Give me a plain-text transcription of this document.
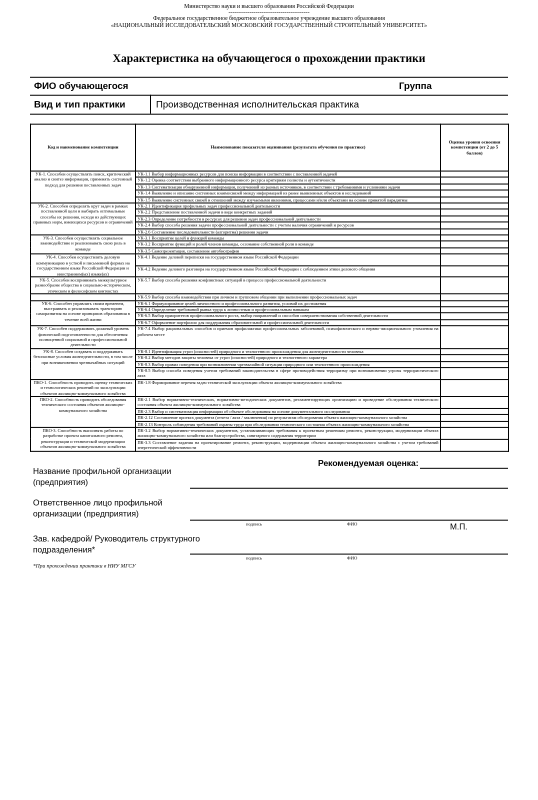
Министерство науки и высшего образования Российской Федерации
------------------------------------------
Федеральное государственное бюджетное образовательное учреждение высшего образования
«НАЦИОНАЛЬНЫЙ ИССЛЕДОВАТЕЛЬСКИЙ МОСКОВСКИЙ ГОСУДАРСТВЕННЫЙ СТРОИТЕЛЬНЫЙ УНИВЕРСИТЕТ»
Характеристика на обучающегося о прохождении практики
ФИО обучающегося	Группа
Вид и тип практики	Производственная исполнительская практика
Код и наименование компетенции	Наименование показателя оценивания (результата обучения по практике)	Оценка уровня освоения компетенции (от 2 до 5 баллов)
УК-1. Способен осуществлять поиск, критический анализ и синтез информации, применять системный подход для решения поставленных задач	УК-1.1 Выбор информационных ресурсов для поиска информации в соответствии с поставленной задачей	
	УК-1.2 Оценка соответствия выбранного информационного ресурса критериям полноты и аутентичности	
	УК-1.3 Систематизация обнаруженной информации, полученной из разных источников, в соответствии с требованиями и условиями задачи	
	УК-1.4 Выявление и описание системных взаимосвязей между информацией из ранее выявленных объектов и исследований	
	УК-1.5 Выявление системных связей и отношений между изучаемыми явлениями, процессами и/или объектами на основе принятой парадигмы	
УК-2. Способен определять круг задач в рамках поставленной цели и выбирать оптимальные способы их решения, исходя из действующих правовых норм, имеющихся ресурсов и ограничений	УК-2.1 Идентификация профильных задач профессиональной деятельности	
	УК-2.2 Представление поставленной задачи в виде конкретных заданий	
	УК-2.3 Определение потребности в ресурсах для решения задач профессиональной деятельности	
	УК-2.4 Выбор способа решения задачи профессиональной деятельности с учетом наличия ограничений и ресурсов	
	УК-2.6 Составление последовательности (алгоритма) решения задачи	
УК-3. Способен осуществлять социальное взаимодействие и реализовывать свою роль в команде	УК-3.1 Восприятие целей и функций команды	
	УК-3.2 Восприятие функций и ролей членов команды, осознание собственной роли в команде	
	УК-3.5 Самопрезентация, составление автобиографии	
УК-4. Способен осуществлять деловую коммуникацию в устной и письменной формах на государственном языке Российской Федерации и иностранном(ых) языке(ах)	УК-4.1 Ведение деловой переписки на государственном языке Российской Федерации	
	УК-4.2 Ведение делового разговора на государственном языке Российской Федерации с соблюдением этики делового общения	
УК-5. Способен воспринимать межкультурное разнообразие общества в социально-историческом, этическом и философском контекстах	УК-5.7 Выбор способа решения конфликтных ситуаций в процессе профессиональной деятельности	
	УК-5.9 Выбор способа взаимодействия при личном и групповом общении при выполнении профессиональных задач	
УК-6. Способен управлять своим временем, выстраивать и реализовывать траекторию саморазвития на основе принципов образования в течение всей жизни	УК-6.1 Формулирование целей личностного и профессионального развития, условий их достижения	
	УК-6.4 Определение требований рынка труда к личностным и профессиональным навыкам	
	УК-6.5 Выбор приоритетов профессионального роста, выбор направлений и способов совершенствования собственной деятельности	
	УК-6.7 Оформление портфолио для поддержания образовательной и профессиональной деятельности	
УК-7. Способен поддерживать должный уровень физической подготовленности для обеспечения полноценной социальной и профессиональной деятельности	УК-7.4 Выбор рациональных способов и приемов профилактики профессиональных заболеваний, психофизического и нервно-эмоционального утомления на рабочем месте	
УК-8. Способен создавать и поддерживать безопасные условия жизнедеятельности, в том числе при возникновении чрезвычайных ситуаций	УК-8.1 Идентификация угроз (опасностей) природного и техногенного происхождения для жизнедеятельности человека	
	УК-8.2 Выбор методов защиты человека от угроз (опасностей) природного и техногенного характера	
	УК-8.3 Выбор правил поведения при возникновении чрезвычайной ситуации природного или техногенного происхождения	
	УК-8.5 Выбор способа поведения учетом требований законодательства в сфере противодействия терроризму при возникновении угрозы террористического акта	
ПКО-1. Способность проводить оценку технических и технологических решений по эксплуатации объектов жилищно-коммунального хозяйства	ПК-1.8 Формирование перечня задач технической эксплуатации объекта жилищно-коммунального хозяйства	
ПКО-2. Способность проводить обследования технического состояния объектов жилищно-коммунального хозяйства	ПК-2.1 Выбор нормативно-технических, нормативно-методических документов, регламентирующих организацию и проведение обследования технического состояния объекта жилищно-коммунального хозяйства	
	ПК-2.3 Выбор и систематизация информации об объекте обследования на основе документального исследования	
	ПК-2.12 Составление проекта документа (отчета / акта / заключения) по результатам обследования объекта жилищно-коммунального хозяйства	
	ПК-2.13 Контроль соблюдения требований охраны труда при обследовании технического состояния объекта жилищно-коммунального хозяйства	
ПКО-3. Способность выполнять работы по разработке проекта капитального ремонта, реконструкции и технической модернизации объектов жилищно-коммунального хозяйства	ПК-3.2 Выбор нормативно-технических документов, устанавливающих требования к проектным решениям ремонта, реконструкции, модернизации объекта жилищно-коммунального хозяйства или благоустройства, санитарного содержания территории	
	ПК-3.3 Составление задания на проектирование ремонта, реконструкции, модернизации объекта жилищно-коммунального хозяйства с учетом требований энергетической эффективности	
Рекомендуемая оценка:
Название профильной организации (предприятия)
Ответственное лицо профильной организации (предприятия)
подпись	ФИО	М.П.
Зав. кафедрой/ Руководитель структурного подразделения*
подпись	ФИО
*При прохождении практики в НИУ МГСУ
